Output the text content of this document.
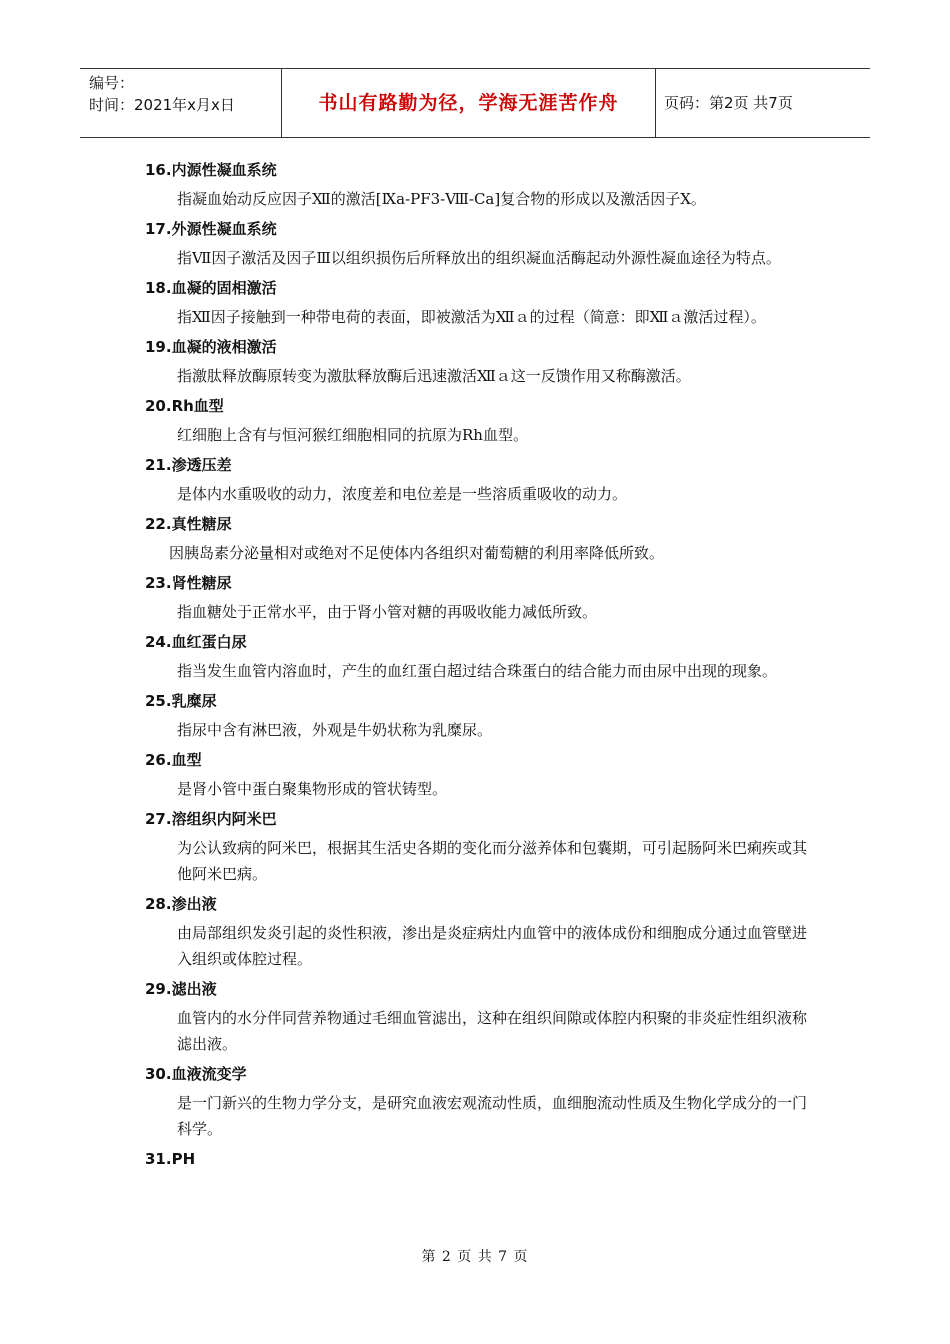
编号：
时间：2021年x月x日	书山有路勤为径，学海无涯苦作舟	页码：第2页 共7页
16.内源性凝血系统
指凝血始动反应因子Ⅻ的激活[Ⅸa-PF3-Ⅷ-Ca]复合物的形成以及激活因子Ⅹ。
17.外源性凝血系统
指Ⅶ因子激活及因子Ⅲ以组织损伤后所释放出的组织凝血活酶起动外源性凝血途径为特点。
18.血凝的固相激活
指Ⅻ因子接触到一种带电荷的表面，即被激活为Ⅻａ的过程（简意：即Ⅻａ激活过程）。
19.血凝的液相激活
指激肽释放酶原转变为激肽释放酶后迅速激活Ⅻａ这一反馈作用又称酶激活。
20.Rh血型
红细胞上含有与恒河猴红细胞相同的抗原为Rh血型。
21.渗透压差
是体内水重吸收的动力，浓度差和电位差是一些溶质重吸收的动力。
22.真性糖尿
因胰岛素分泌量相对或绝对不足使体内各组织对葡萄糖的利用率降低所致。
23.肾性糖尿
指血糖处于正常水平，由于肾小管对糖的再吸收能力减低所致。
24.血红蛋白尿
指当发生血管内溶血时，产生的血红蛋白超过结合珠蛋白的结合能力而由尿中出现的现象。
25.乳糜尿
指尿中含有淋巴液，外观是牛奶状称为乳糜尿。
26.血型
是肾小管中蛋白聚集物形成的管状铸型。
27.溶组织内阿米巴
为公认致病的阿米巴，根据其生活史各期的变化而分滋养体和包囊期，可引起肠阿米巴痢疾或其他阿米巴病。
28.渗出液
由局部组织发炎引起的炎性积液，渗出是炎症病灶内血管中的液体成份和细胞成分通过血管壁进入组织或体腔过程。
29.滤出液
血管内的水分伴同营养物通过毛细血管滤出，这种在组织间隙或体腔内积聚的非炎症性组织液称滤出液。
30.血液流变学
是一门新兴的生物力学分支，是研究血液宏观流动性质，血细胞流动性质及生物化学成分的一门科学。
31.PH
第 2 页 共 7 页
